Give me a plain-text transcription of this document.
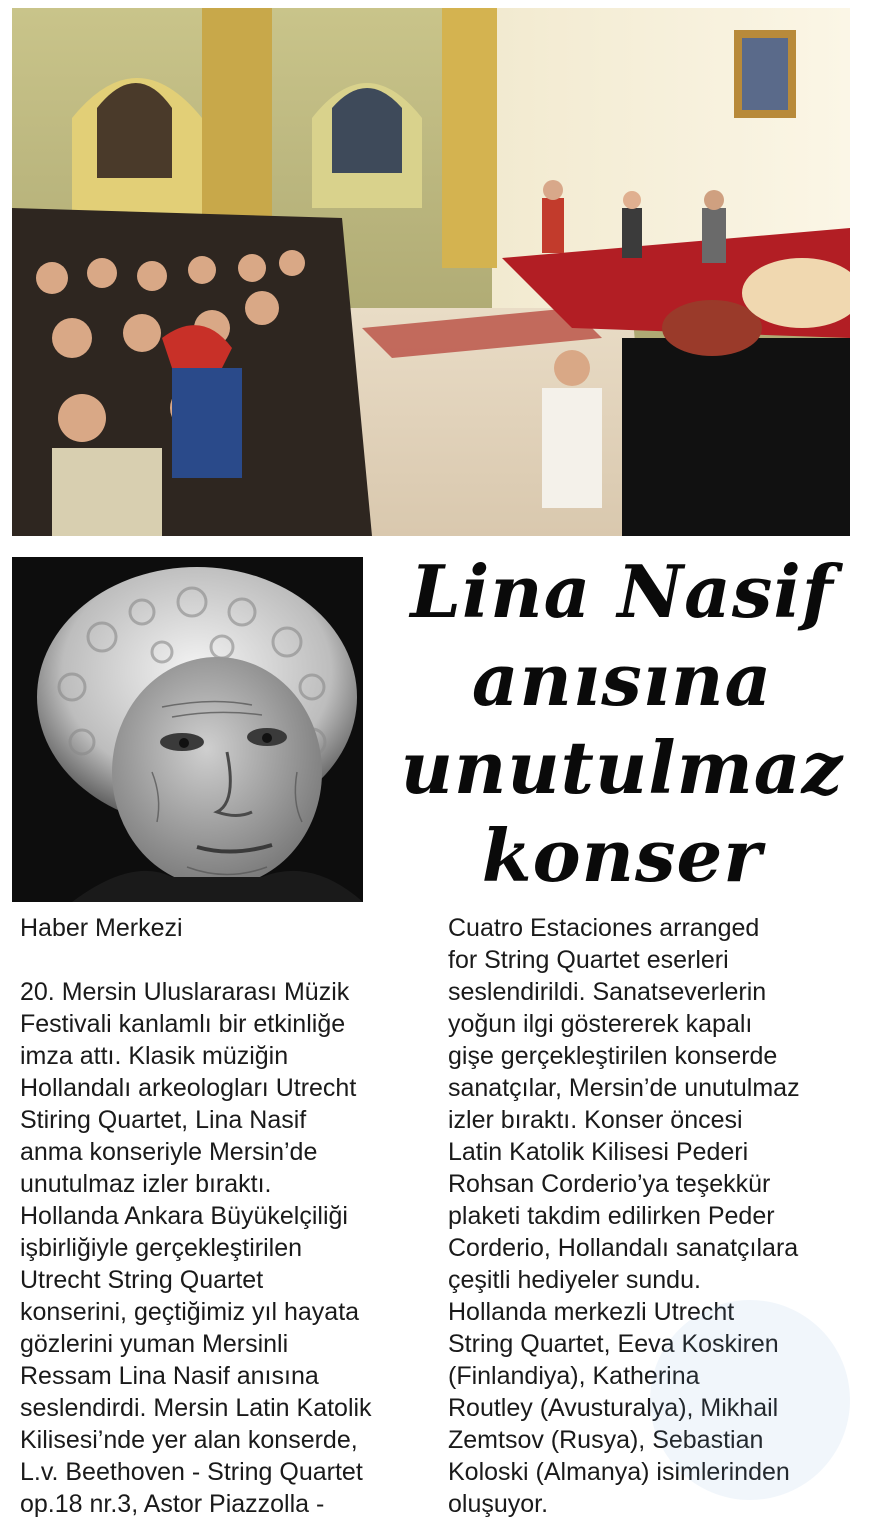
Lina Nasif
anısına
unutulmaz
konser

Haber Merkezi

20. Mersin Uluslararası Müzik
Festivali kanlamlı bir etkinliğe
imza attı. Klasik müziğin
Hollandalı arkeologları Utrecht
Stiring Quartet, Lina Nasif
anma konseriyle Mersin’de
unutulmaz izler bıraktı.
Hollanda Ankara Büyükelçiliği
işbirliğiyle gerçekleştirilen
Utrecht String Quartet
konserini, geçtiğimiz yıl hayata
gözlerini yuman Mersinli
Ressam Lina Nasif anısına
seslendirdi. Mersin Latin Katolik
Kilisesi’nde yer alan konserde,
L.v. Beethoven - String Quartet
op.18 nr.3, Astor Piazzolla -

Cuatro Estaciones arranged
for String Quartet eserleri
seslendirildi. Sanatseverlerin
yoğun ilgi göstererek kapalı
gişe gerçekleştirilen konserde
sanatçılar, Mersin’de unutulmaz
izler bıraktı. Konser öncesi
Latin Katolik Kilisesi Pederi
Rohsan Corderio’ya teşekkür
plaketi takdim edilirken Peder
Corderio, Hollandalı sanatçılara
çeşitli hediyeler sundu.
Hollanda merkezli Utrecht
String Quartet, Eeva Koskiren
(Finlandiya), Katherina
Routley (Avusturalya), Mikhail
Zemtsov (Rusya), Sebastian
Koloski (Almanya) isimlerinden
oluşuyor.
